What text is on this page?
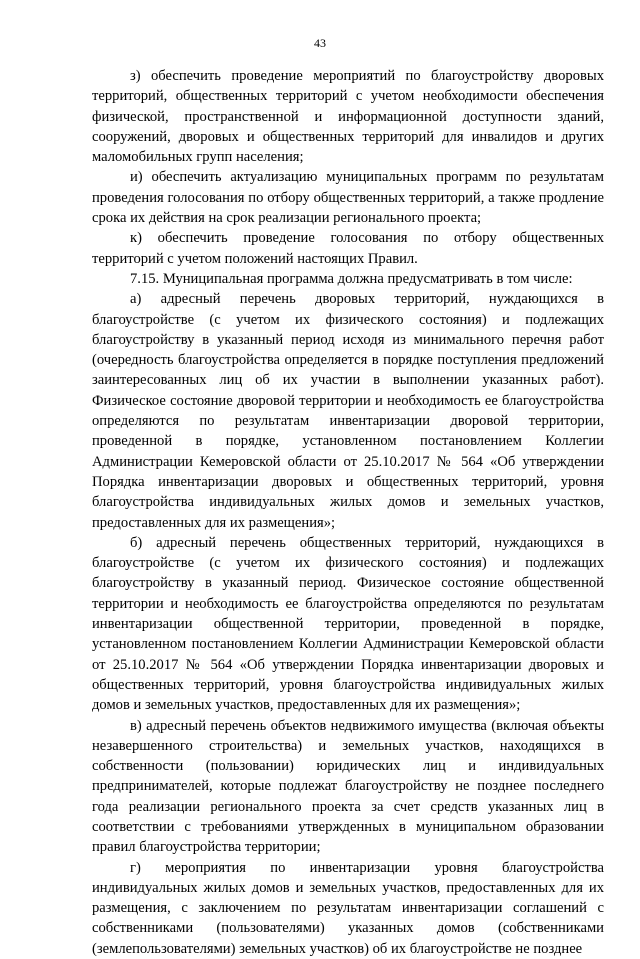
43

з) обеспечить проведение мероприятий по благоустройству дворовых территорий, общественных территорий с учетом необходимости обеспечения физической, пространственной и информационной доступности зданий, сооружений, дворовых и общественных территорий для инвалидов и других маломобильных групп населения;

и) обеспечить актуализацию муниципальных программ по результатам проведения голосования по отбору общественных территорий, а также продление срока их действия на срок реализации регионального проекта;

к) обеспечить проведение голосования по отбору общественных территорий с учетом положений настоящих Правил.

7.15. Муниципальная программа должна предусматривать в том числе:

а) адресный перечень дворовых территорий, нуждающихся в благоустройстве (с учетом их физического состояния) и подлежащих благоустройству в указанный период исходя из минимального перечня работ (очередность благоустройства определяется в порядке поступления предложений заинтересованных лиц об их участии в выполнении указанных работ). Физическое состояние дворовой территории и необходимость ее благоустройства определяются по результатам инвентаризации дворовой территории, проведенной в порядке, установленном постановлением Коллегии Администрации Кемеровской области от 25.10.2017 № 564 «Об утверждении Порядка инвентаризации дворовых и общественных территорий, уровня благоустройства индивидуальных жилых домов и земельных участков, предоставленных для их размещения»;

б) адресный перечень общественных территорий, нуждающихся в благоустройстве (с учетом их физического состояния) и подлежащих благоустройству в указанный период. Физическое состояние общественной территории и необходимость ее благоустройства определяются по результатам инвентаризации общественной территории, проведенной в порядке, установленном постановлением Коллегии Администрации Кемеровской области от 25.10.2017 № 564 «Об утверждении Порядка инвентаризации дворовых и общественных территорий, уровня благоустройства индивидуальных жилых домов и земельных участков, предоставленных для их размещения»;

в) адресный перечень объектов недвижимого имущества (включая объекты незавершенного строительства) и земельных участков, находящихся в собственности (пользовании) юридических лиц и индивидуальных предпринимателей, которые подлежат благоустройству не позднее последнего года реализации регионального проекта за счет средств указанных лиц в соответствии с требованиями утвержденных в муниципальном образовании правил благоустройства территории;

г) мероприятия по инвентаризации уровня благоустройства индивидуальных жилых домов и земельных участков, предоставленных для их размещения, с заключением по результатам инвентаризации соглашений с собственниками (пользователями) указанных домов (собственниками (землепользователями) земельных участков) об их благоустройстве не позднее
